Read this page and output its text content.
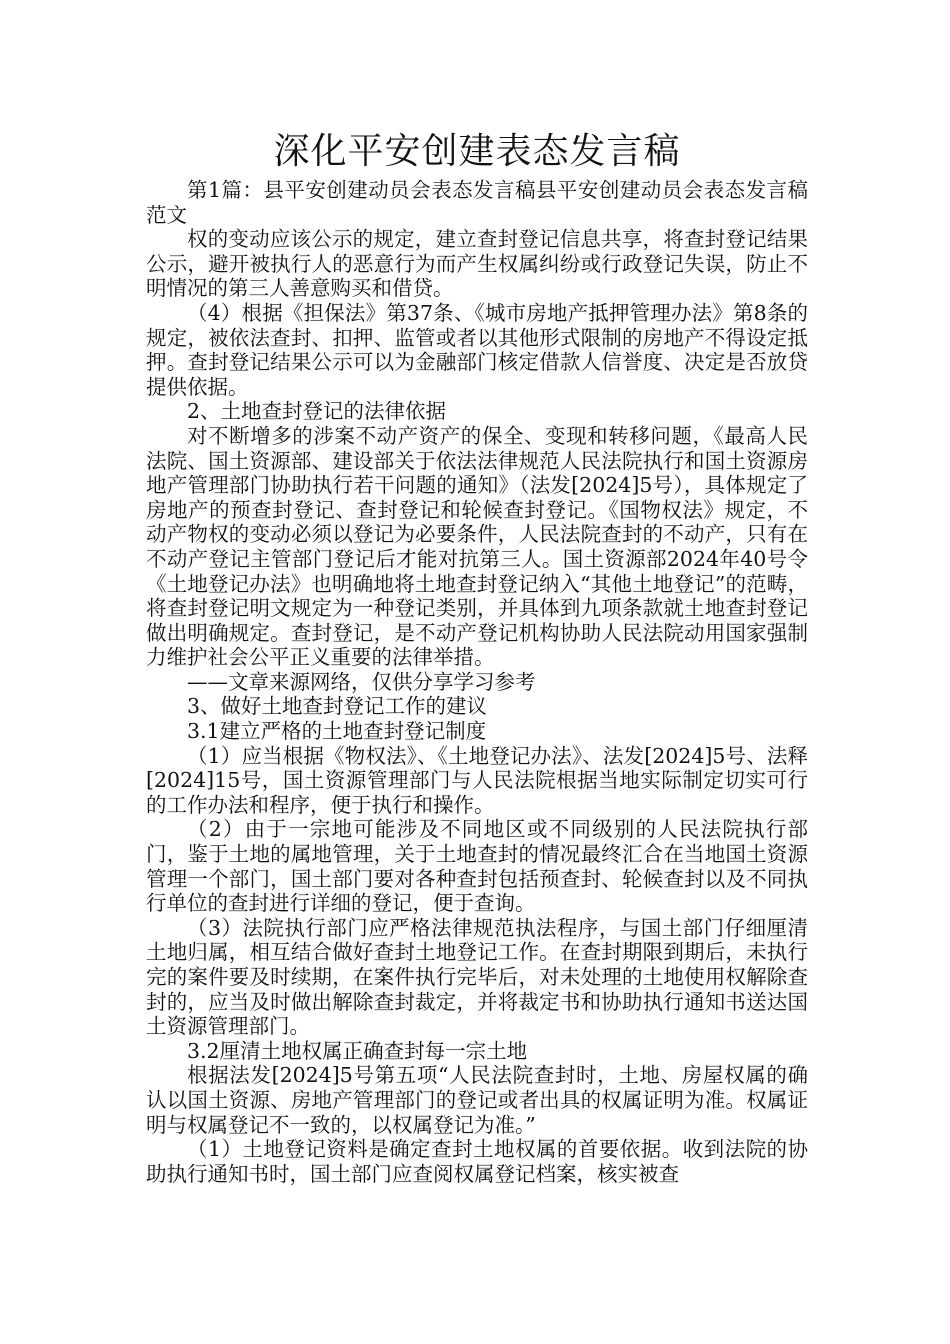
深化平安创建表态发言稿

第1篇：县平安创建动员会表态发言稿县平安创建动员会表态发言稿范文

权的变动应该公示的规定，建立查封登记信息共享，将查封登记结果公示，避开被执行人的恶意行为而产生权属纠纷或行政登记失误，防止不明情况的第三人善意购买和借贷。

（4）根据《担保法》第37条、《城市房地产抵押管理办法》第8条的规定，被依法查封、扣押、监管或者以其他形式限制的房地产不得设定抵押。查封登记结果公示可以为金融部门核定借款人信誉度、决定是否放贷提供依据。

2、土地查封登记的法律依据

对不断增多的涉案不动产资产的保全、变现和转移问题，《最高人民法院、国土资源部、建设部关于依法法律规范人民法院执行和国土资源房地产管理部门协助执行若干问题的通知》（法发[2024]5号），具体规定了房地产的预查封登记、查封登记和轮候查封登记。《国物权法》规定，不动产物权的变动必须以登记为必要条件，人民法院查封的不动产，只有在不动产登记主管部门登记后才能对抗第三人。国土资源部2024年40号令《土地登记办法》也明确地将土地查封登记纳入“其他土地登记”的范畴，将查封登记明文规定为一种登记类别，并具体到九项条款就土地查封登记做出明确规定。查封登记，是不动产登记机构协助人民法院动用国家强制力维护社会公平正义重要的法律举措。

——文章来源网络，仅供分享学习参考

3、做好土地查封登记工作的建议

3.1建立严格的土地查封登记制度

（1）应当根据《物权法》、《土地登记办法》、法发[2024]5号、法释[2024]15号，国土资源管理部门与人民法院根据当地实际制定切实可行的工作办法和程序，便于执行和操作。

（2）由于一宗地可能涉及不同地区或不同级别的人民法院执行部门，鉴于土地的属地管理，关于土地查封的情况最终汇合在当地国土资源管理一个部门，国土部门要对各种查封包括预查封、轮候查封以及不同执行单位的查封进行详细的登记，便于查询。

（3）法院执行部门应严格法律规范执法程序，与国土部门仔细厘清土地归属，相互结合做好查封土地登记工作。在查封期限到期后，未执行完的案件要及时续期，在案件执行完毕后，对未处理的土地使用权解除查封的，应当及时做出解除查封裁定，并将裁定书和协助执行通知书送达国土资源管理部门。

3.2厘清土地权属正确查封每一宗土地

根据法发[2024]5号第五项“人民法院查封时，土地、房屋权属的确认以国土资源、房地产管理部门的登记或者出具的权属证明为准。权属证明与权属登记不一致的，以权属登记为准。”

（1）土地登记资料是确定查封土地权属的首要依据。收到法院的协助执行通知书时，国土部门应查阅权属登记档案，核实被查
